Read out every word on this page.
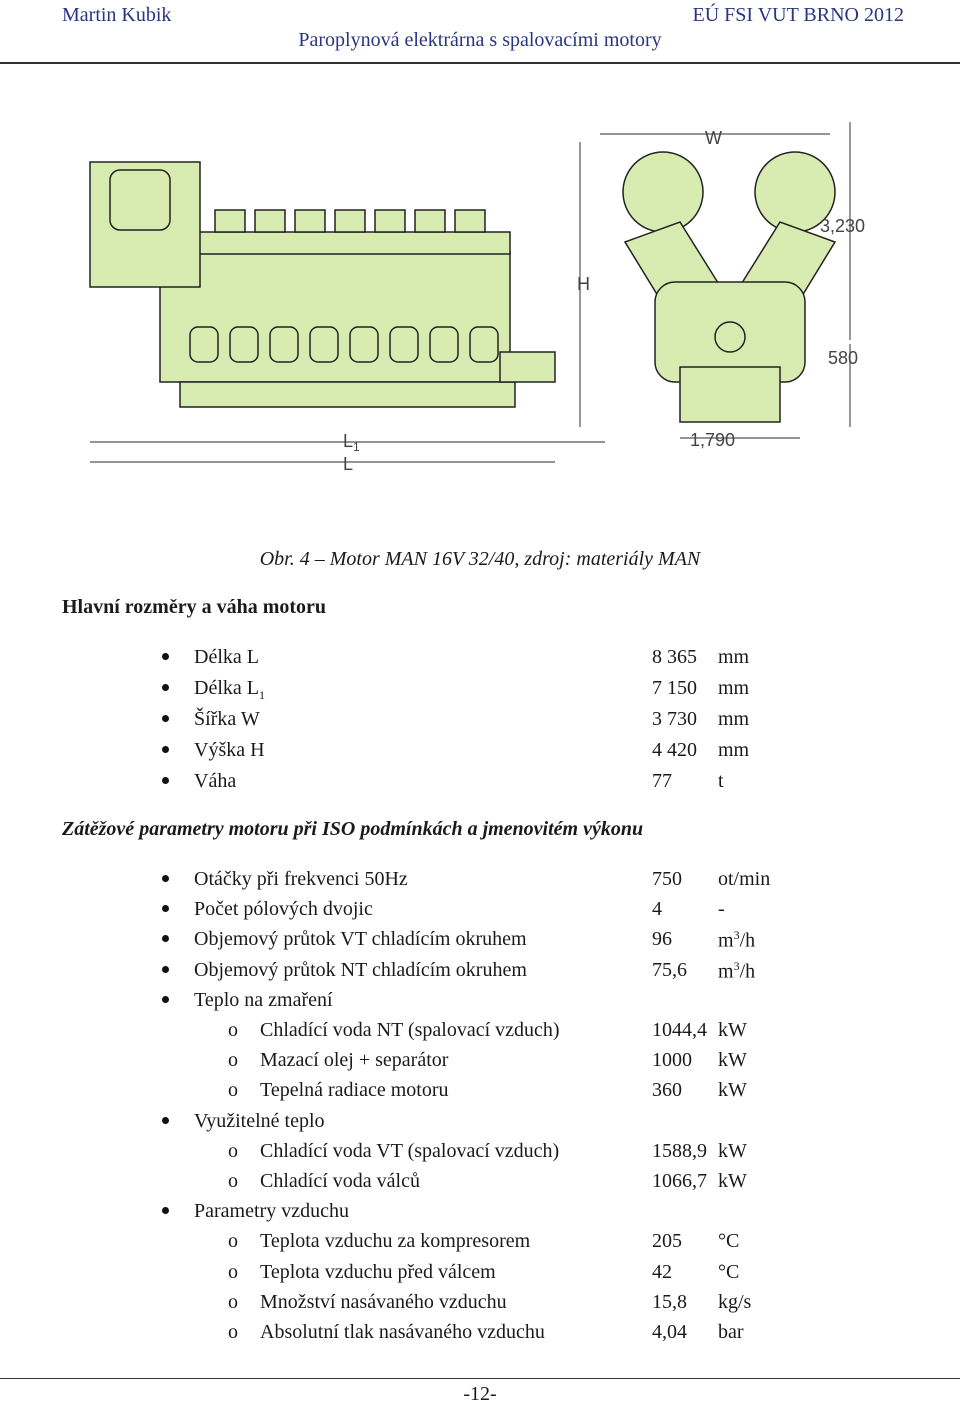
Martin Kubik	EÚ FSI VUT BRNO 2012
Paroplynová elektrárna s spalovacími motory
W
3,230
H
580
$L_1$
L
1,790
Obr. 4 – Motor MAN 16V 32/40, zdroj: materiály MAN
Hlavní rozměry a váha motoru
Délka L	8 365 mm
Délka $L_1$	7 150 mm
Šířka W	3 730 mm
Výška H	4 420 mm
Váha	77 t
Zátěžové parametry motoru při ISO podmínkách a jmenovitém výkonu
Otáčky při frekvenci 50Hz	750 ot/min
Počet pólových dvojic	4	-
Objemový průtok VT chladícím okruhem	96 $m^3/h$
Objemový průtok NT chladícím okruhem	75,6 $m^3/h$
Teplo na zmaření
o Chladící voda NT (spalovací vzduch)	1044,4 kW
o Mazací olej + separátor	1000 kW
o Tepelná radiace motoru	360 kW
Využitelné teplo
o Chladící voda VT (spalovací vzduch)	1588,9 kW
o Chladící voda válců	1066,7 kW
Parametry vzduchu
o Teplota vzduchu za kompresorem	205 °C
o Teplota vzduchu před válcem	42 °C
o Množství nasávaného vzduchu	15,8 kg/s
o Absolutní tlak nasávaného vzduchu	4,04 bar
-12-
